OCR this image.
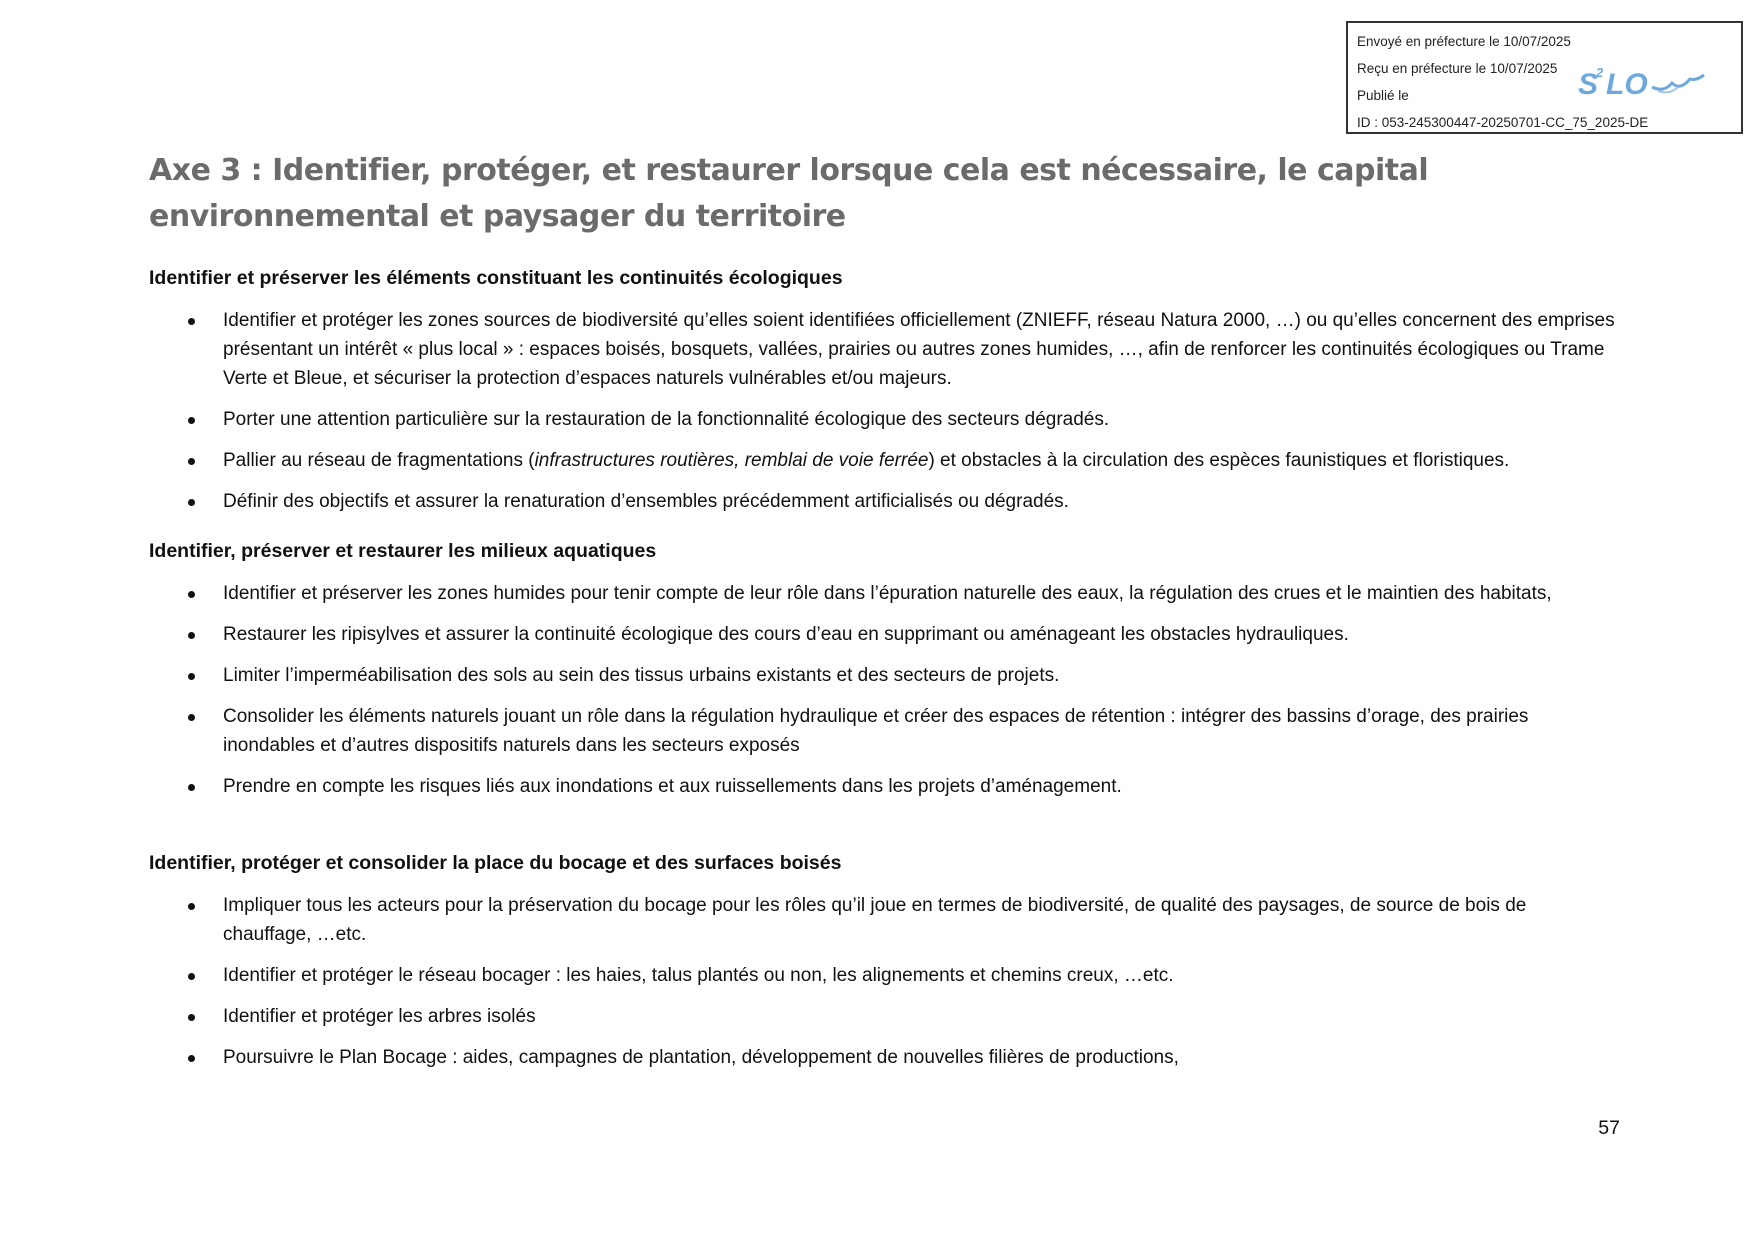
Envoyé en préfecture le 10/07/2025
Reçu en préfecture le 10/07/2025
Publié le
ID : 053-245300447-20250701-CC_75_2025-DE
S
2 LO
Axe 3 : Identifier, protéger, et restaurer lorsque cela est nécessaire, le capital environnemental et paysager du territoire
Identifier et préserver les éléments constituant les continuités écologiques
Identifier et protéger les zones sources de biodiversité qu’elles soient identifiées officiellement (ZNIEFF, réseau Natura 2000, …) ou qu’elles concernent des emprises présentant un intérêt « plus local » : espaces boisés, bosquets, vallées, prairies ou autres zones humides, …, afin de renforcer les continuités écologiques ou Trame Verte et Bleue, et sécuriser la protection d’espaces naturels vulnérables et/ou majeurs.
Porter une attention particulière sur la restauration de la fonctionnalité écologique des secteurs dégradés.
Pallier au réseau de fragmentations (infrastructures routières, remblai de voie ferrée) et obstacles à la circulation des espèces faunistiques et floristiques.
Définir des objectifs et assurer la renaturation d’ensembles précédemment artificialisés ou dégradés.
Identifier, préserver et restaurer les milieux aquatiques
Identifier et préserver les zones humides pour tenir compte de leur rôle dans l’épuration naturelle des eaux, la régulation des crues et le maintien des habitats,
Restaurer les ripisylves et assurer la continuité écologique des cours d’eau en supprimant ou aménageant les obstacles hydrauliques.
Limiter l’imperméabilisation des sols au sein des tissus urbains existants et des secteurs de projets.
Consolider les éléments naturels jouant un rôle dans la régulation hydraulique et créer des espaces de rétention : intégrer des bassins d’orage, des prairies inondables et d’autres dispositifs naturels dans les secteurs exposés
Prendre en compte les risques liés aux inondations et aux ruissellements dans les projets d’aménagement.
Identifier, protéger et consolider la place du bocage et des surfaces boisés
Impliquer tous les acteurs pour la préservation du bocage pour les rôles qu’il joue en termes de biodiversité, de qualité des paysages, de source de bois de chauffage, …etc.
Identifier et protéger le réseau bocager : les haies, talus plantés ou non, les alignements et chemins creux, …etc.
Identifier et protéger les arbres isolés
Poursuivre le Plan Bocage : aides, campagnes de plantation, développement de nouvelles filières de productions,
57
